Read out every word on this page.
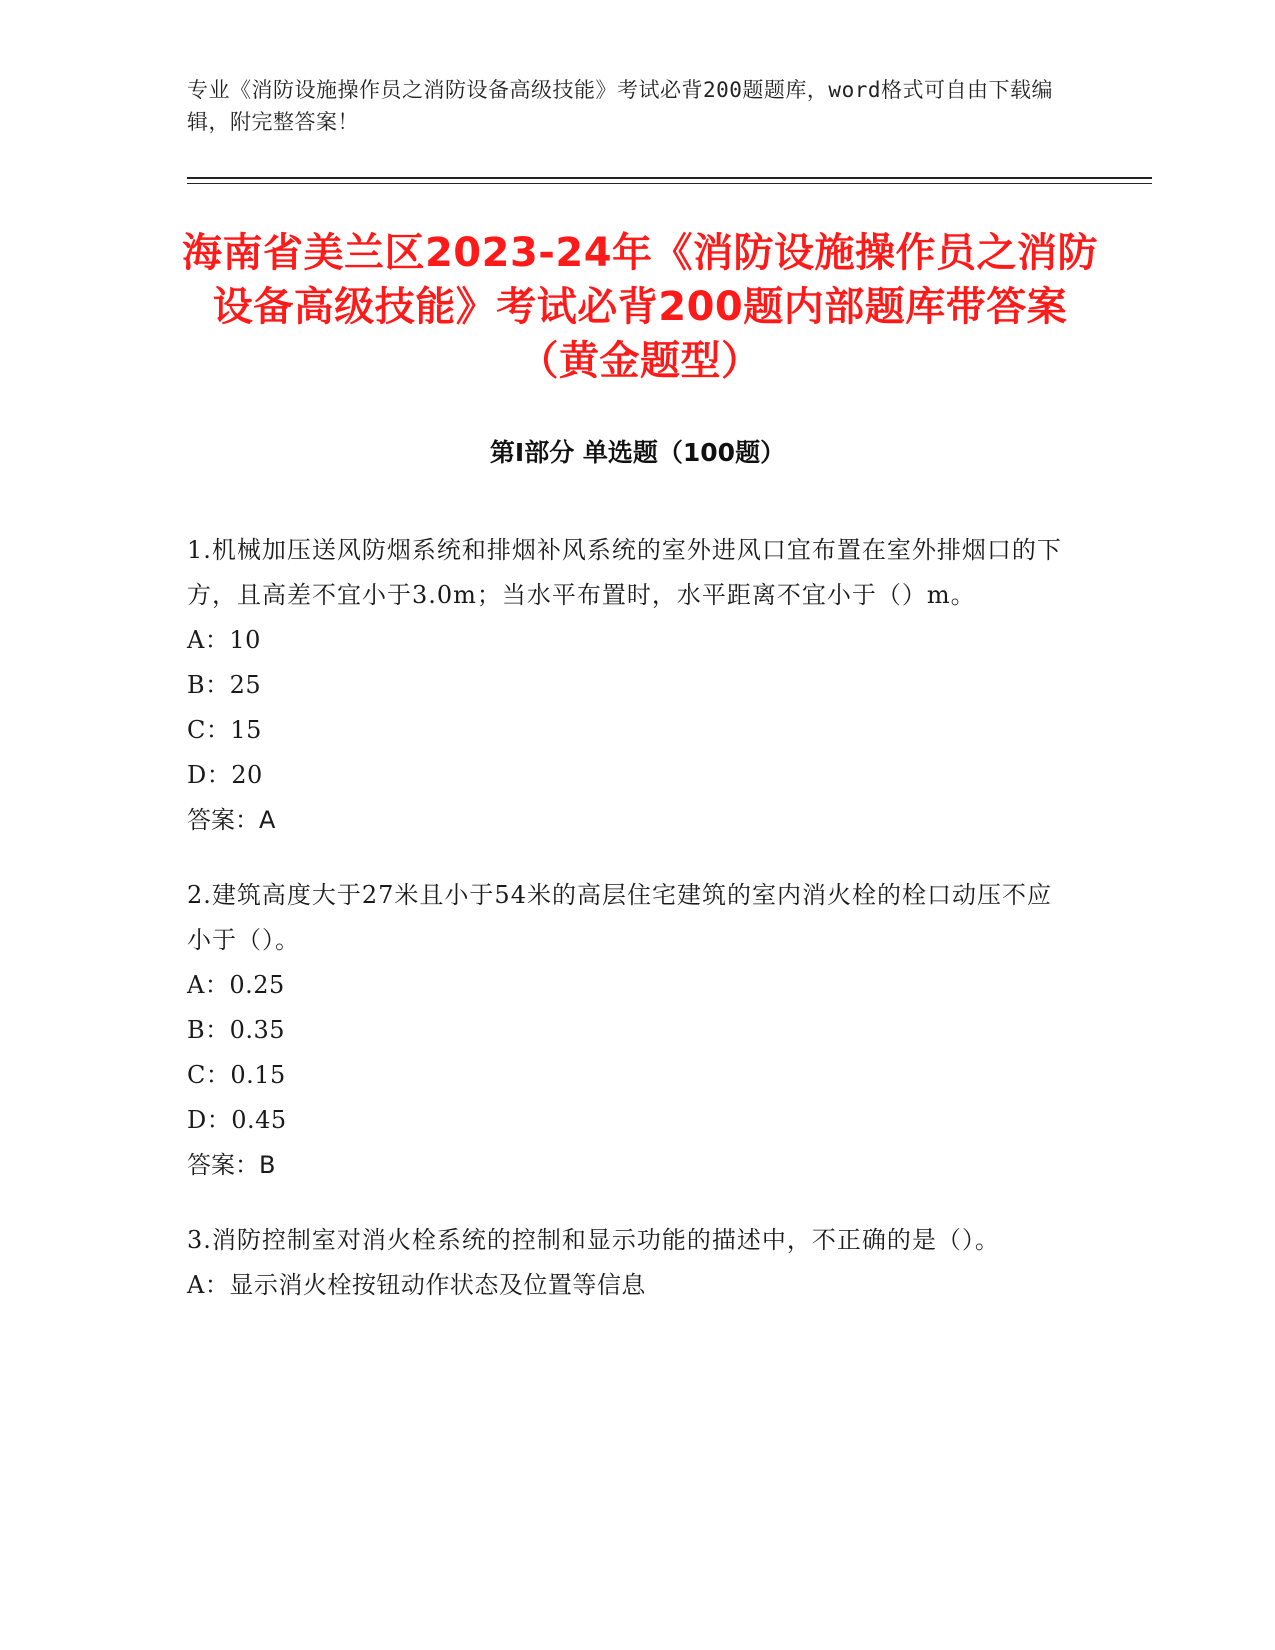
专业《消防设施操作员之消防设备高级技能》考试必背200题题库，word格式可自由下载编辑，附完整答案！
海南省美兰区2023-24年《消防设施操作员之消防设备高级技能》考试必背200题内部题库带答案（黄金题型）
第Ⅰ部分 单选题（100题）
1.机械加压送风防烟系统和排烟补风系统的室外进风口宜布置在室外排烟口的下方，且高差不宜小于3.0m；当水平布置时，水平距离不宜小于（）m。
A：10
B：25
C：15
D：20
答案：A
2.建筑高度大于27米且小于54米的高层住宅建筑的室内消火栓的栓口动压不应小于（）。
A：0.25
B：0.35
C：0.15
D：0.45
答案：B
3.消防控制室对消火栓系统的控制和显示功能的描述中，不正确的是（）。
A：显示消火栓按钮动作状态及位置等信息
